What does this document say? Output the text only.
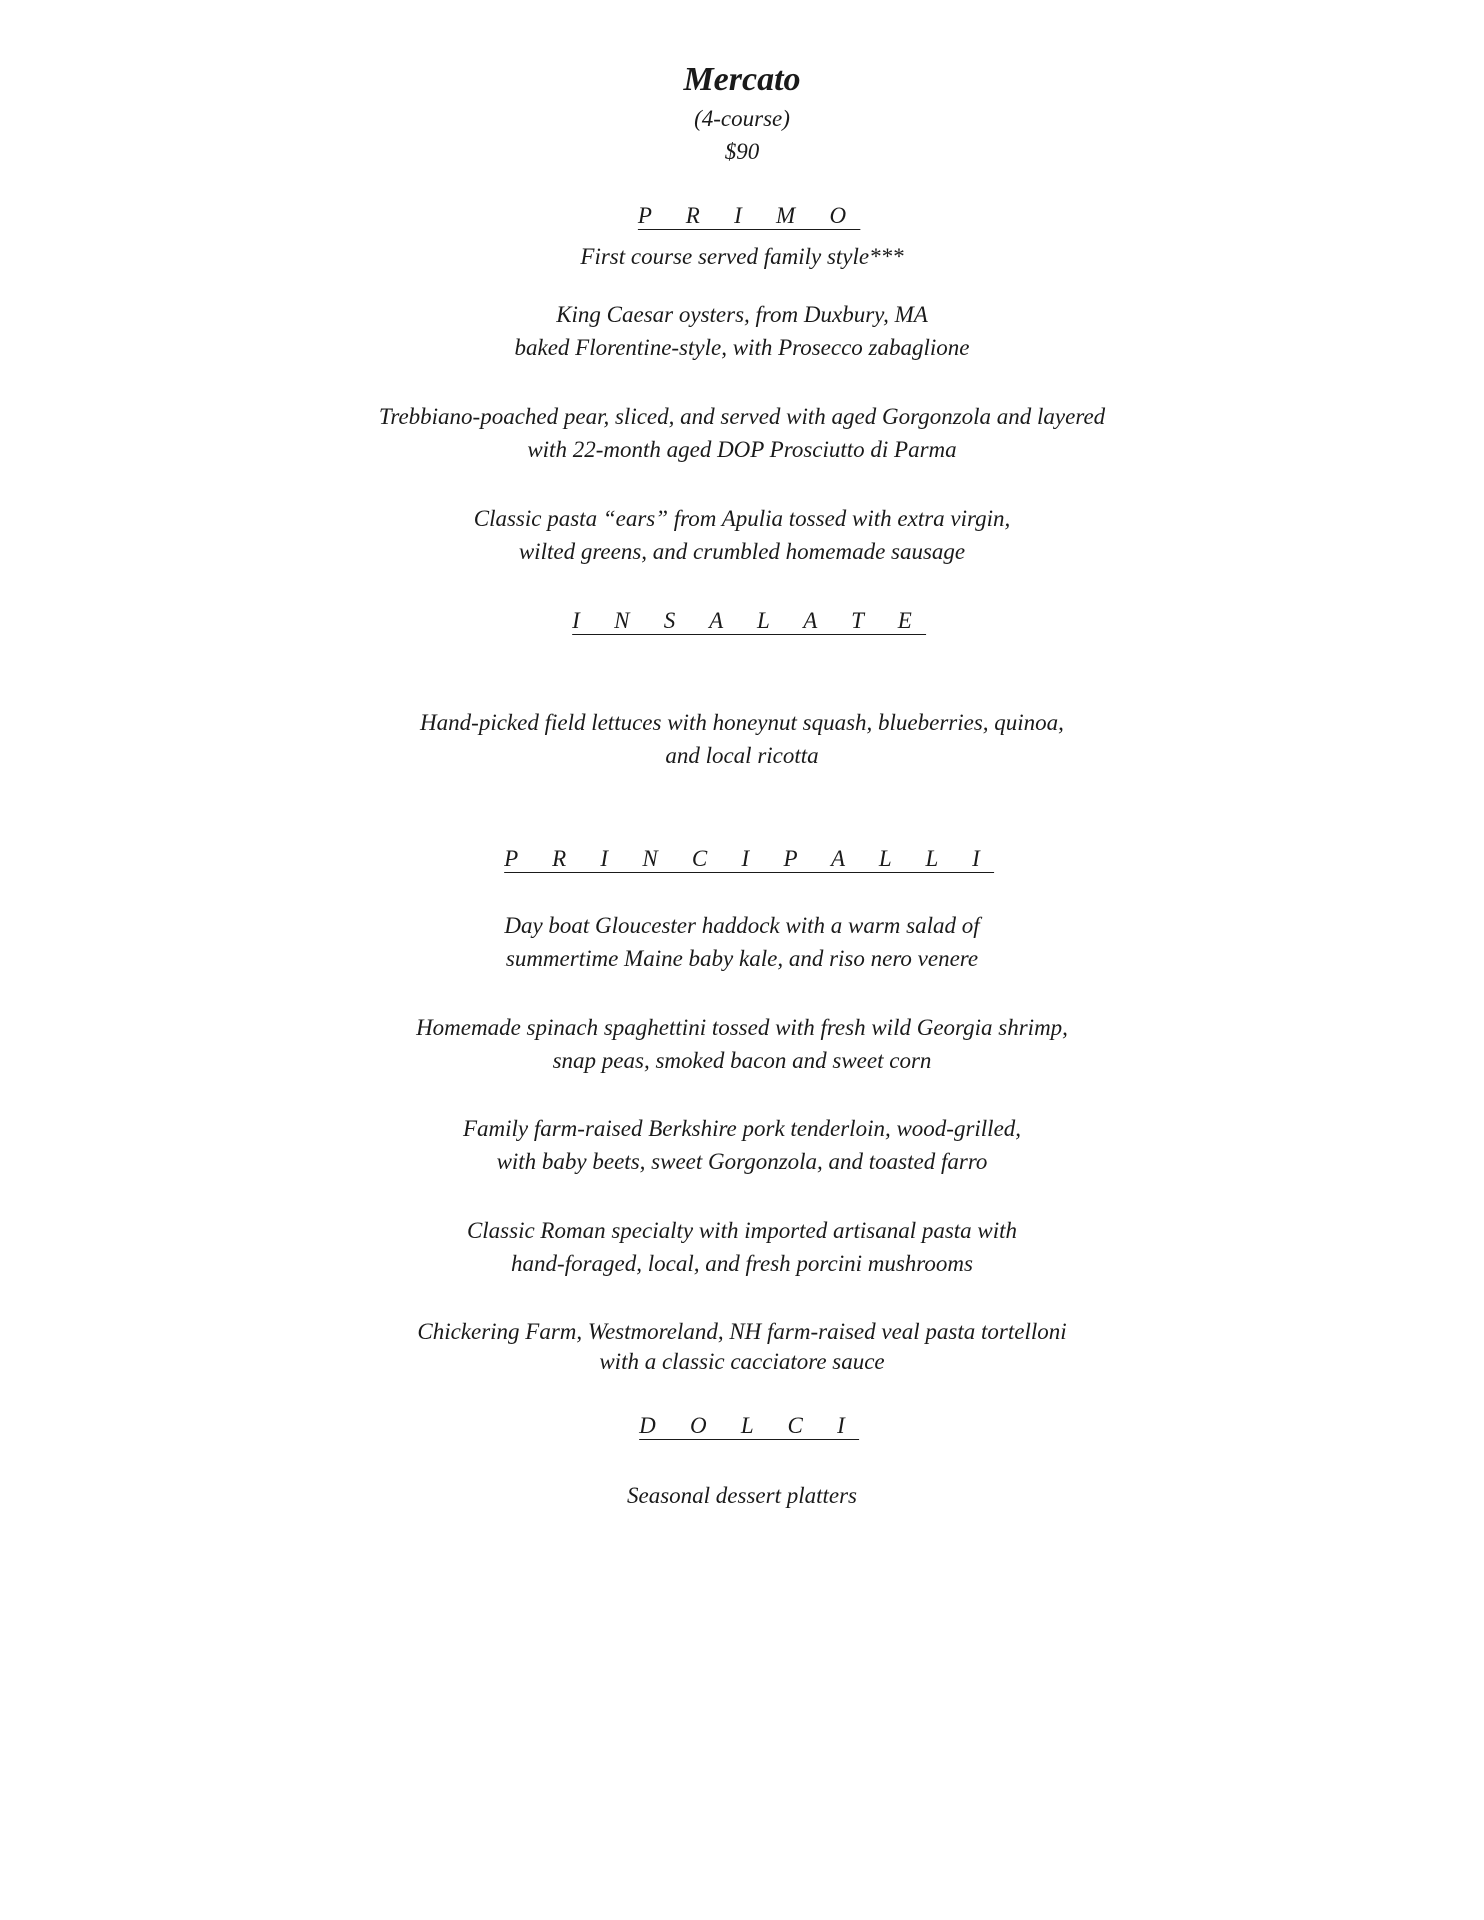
Mercato
(4-course)
$90
P R I M O
First course served family style***
King Caesar oysters, from Duxbury, MA
baked Florentine-style, with Prosecco zabaglione
Trebbiano-poached pear, sliced, and served with aged Gorgonzola and layered
with 22-month aged DOP Prosciutto di Parma
Classic pasta “ears” from Apulia tossed with extra virgin,
wilted greens, and crumbled homemade sausage
I N S A L A T E
Hand-picked field lettuces with honeynut squash, blueberries, quinoa,
and local ricotta
P R I N C I P A L L I
Day boat Gloucester haddock with a warm salad of
summertime Maine baby kale, and riso nero venere
Homemade spinach spaghettini tossed with fresh wild Georgia shrimp,
snap peas, smoked bacon and sweet corn
Family farm-raised Berkshire pork tenderloin, wood-grilled,
with baby beets, sweet Gorgonzola, and toasted farro
Classic Roman specialty with imported artisanal pasta with
hand-foraged, local, and fresh porcini mushrooms
Chickering Farm, Westmoreland, NH farm-raised veal pasta tortelloni
with a classic cacciatore sauce
D O L C I
Seasonal dessert platters
